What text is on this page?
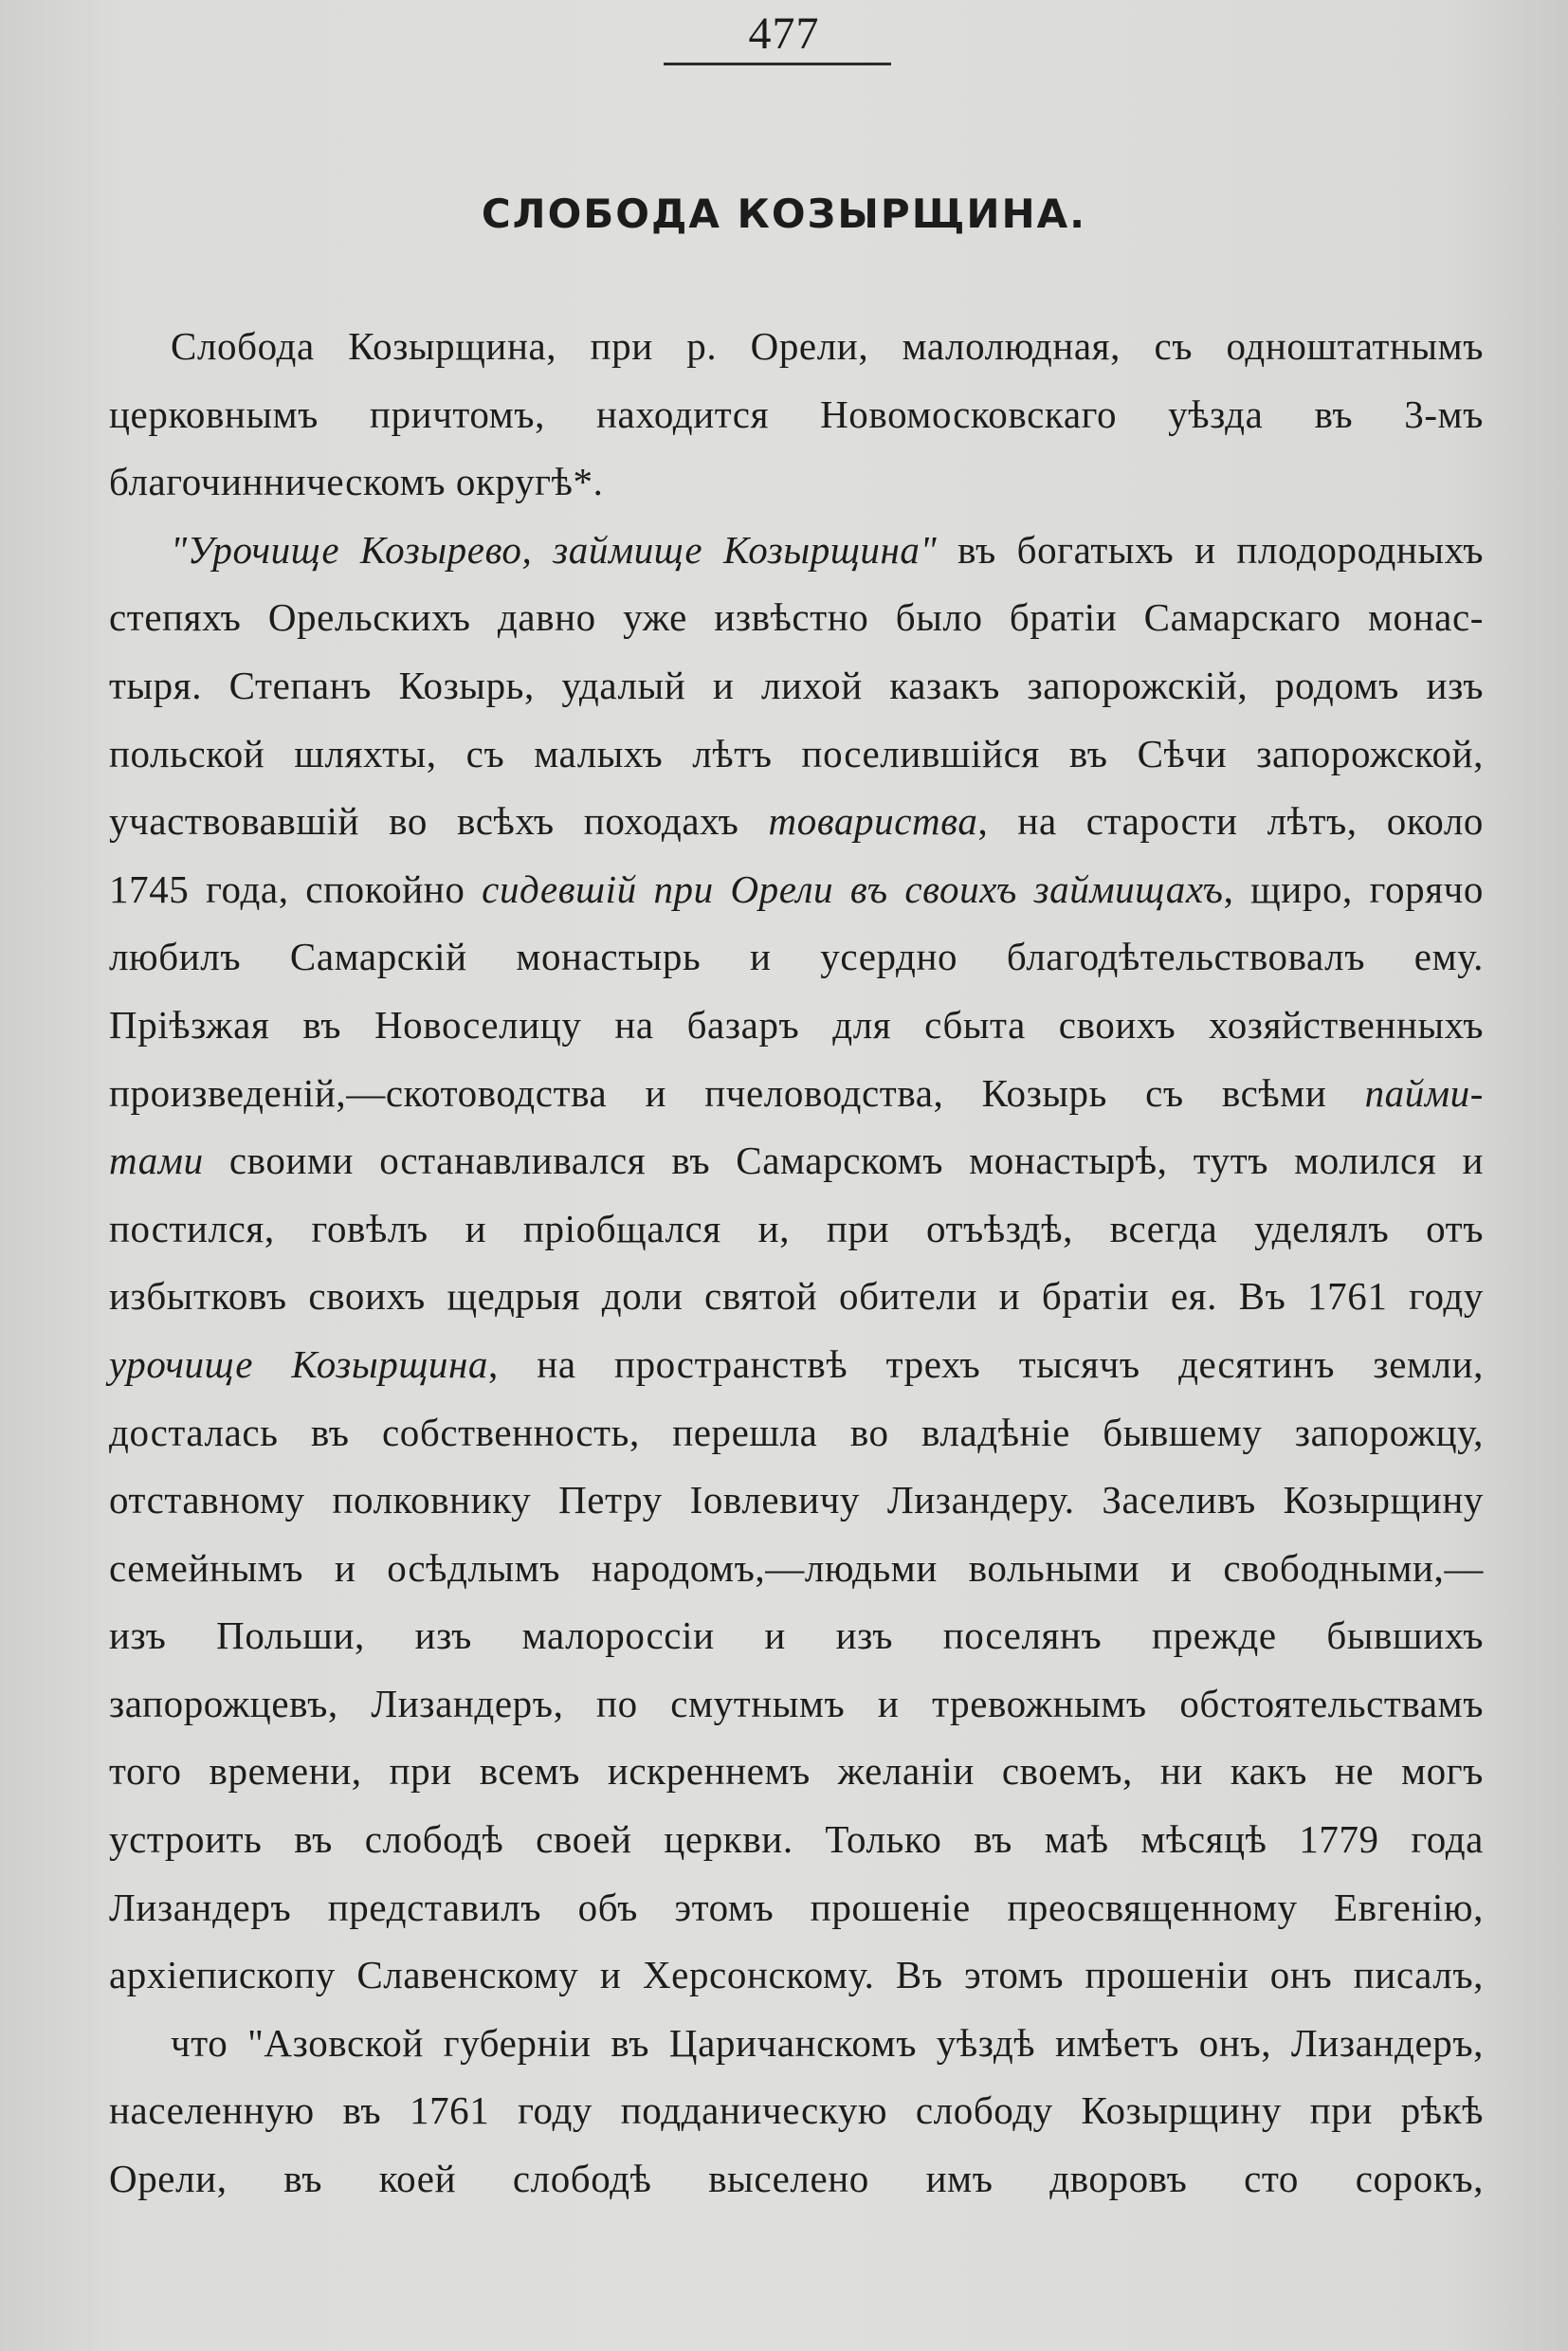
477
СЛОБОДА КОЗЫРЩИНА.
Слобода Козырщина, при р. Орели, малолюдная, съ одноштатнымъ
церковнымъ причтомъ, находится Новомосковскаго уѣзда въ 3-мъ
благочинническомъ округѣ*.
"Урочище Козырево, займище Козырщина" въ богатыхъ и плодородныхъ
степяхъ Орельскихъ давно уже извѣстно было братіи Самарскаго монас-
тыря. Степанъ Козырь, удалый и лихой казакъ запорожскій, родомъ изъ
польской шляхты, съ малыхъ лѣтъ поселившійся въ Сѣчи запорожской,
участвовавшій во всѣхъ походахъ товариства, на старости лѣтъ, около
1745 года, спокойно сидевшій при Орели въ своихъ займищахъ, щиро, горячо
любилъ Самарскій монастырь и усердно благодѣтельствовалъ ему.
Пріѣзжая въ Новоселицу на базаръ для сбыта своихъ хозяйственныхъ
произведеній,—скотоводства и пчеловодства, Козырь съ всѣми пайми-
тами своими останавливался въ Самарскомъ монастырѣ, тутъ молился и
постился, говѣлъ и пріобщался и, при отъѣздѣ, всегда уделялъ отъ
избытковъ своихъ щедрыя доли святой обители и братіи ея. Въ 1761 году
урочище Козырщина, на пространствѣ трехъ тысячъ десятинъ земли,
досталась въ собственность, перешла во владѣніе бывшему запорожцу,
отставному полковнику Петру Іовлевичу Лизандеру. Заселивъ Козырщину
семейнымъ и осѣдлымъ народомъ,—людьми вольными и свободными,—
изъ Польши, изъ малороссіи и изъ поселянъ прежде бывшихъ
запорожцевъ, Лизандеръ, по смутнымъ и тревожнымъ обстоятельствамъ
того времени, при всемъ искреннемъ желаніи своемъ, ни какъ не могъ
устроить въ слободѣ своей церкви. Только въ маѣ мѣсяцѣ 1779 года
Лизандеръ представилъ объ этомъ прошеніе преосвященному Евгенію,
архіепископу Славенскому и Херсонскому. Въ этомъ прошеніи онъ писалъ,
что "Азовской губерніи въ Царичанскомъ уѣздѣ имѣетъ онъ, Лизандеръ,
населенную въ 1761 году подданическую слободу Козырщину при рѣкѣ
Орели, въ коей слободѣ выселено имъ дворовъ сто сорокъ,
